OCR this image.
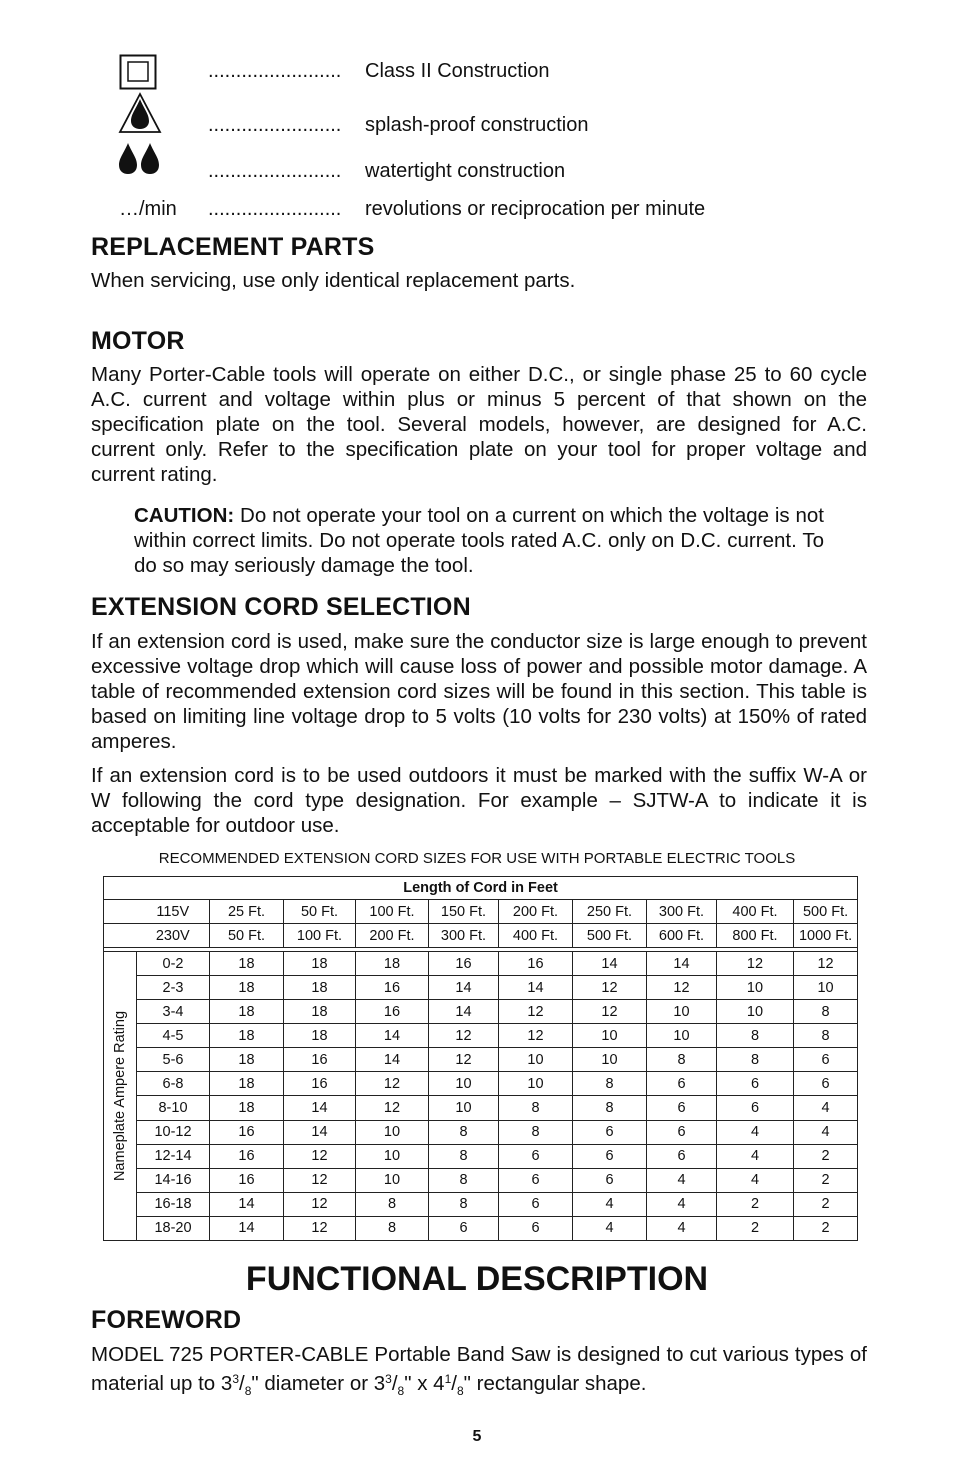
........................ Class II Construction
........................ splash-proof construction
........................ watertight construction
…/min ........................ revolutions or reciprocation per minute
REPLACEMENT PARTS

When servicing, use only identical replacement parts.

MOTOR

Many Porter-Cable tools will operate on either D.C., or single phase 25 to 60 cycle A.C. current and voltage within plus or minus 5 percent of that shown on the specification plate on the tool. Several models, however, are designed for A.C. current only. Refer to the specification plate on your tool for proper voltage and current rating.

CAUTION: Do not operate your tool on a current on which the voltage is not within correct limits. Do not operate tools rated A.C. only on D.C. current. To do so may seriously damage the tool.

EXTENSION CORD SELECTION

If an extension cord is used, make sure the conductor size is large enough to prevent excessive voltage drop which will cause loss of power and possible motor damage. A table of recommended extension cord sizes will be found in this section. This table is based on limiting line voltage drop to 5 volts (10 volts for 230 volts) at 150% of rated amperes.

If an extension cord is to be used outdoors it must be marked with the suffix W-A or W following the cord type designation. For example – SJTW-A to indicate it is acceptable for outdoor use.

RECOMMENDED EXTENSION CORD SIZES FOR USE WITH PORTABLE ELECTRIC TOOLS
Length of Cord in Feet										
	115V	25 Ft.	50 Ft.	100 Ft.	150 Ft.	200 Ft.	250 Ft.	300 Ft.	400 Ft.	500 Ft.
	230V	50 Ft.	100 Ft.	200 Ft.	300 Ft.	400 Ft.	500 Ft.	600 Ft.	800 Ft.	1000 Ft.

Nameplate Ampere Rating	0-2	18	18	18	16	16	14	14	12	12
	2-3	18	18	16	14	14	12	12	10	10
	3-4	18	18	16	14	12	12	10	10	8
	4-5	18	18	14	12	12	10	10	8	8
	5-6	18	16	14	12	10	10	8	8	6
	6-8	18	16	12	10	10	8	6	6	6
	8-10	18	14	12	10	8	8	6	6	4
	10-12	16	14	10	8	8	6	6	4	4
	12-14	16	12	10	8	6	6	6	4	2
	14-16	16	12	10	8	6	6	4	4	2
	16-18	14	12	8	8	6	4	4	2	2
	18-20	14	12	8	6	6	4	4	2	2
FUNCTIONAL DESCRIPTION
FOREWORD

MODEL 725 PORTER-CABLE Portable Band Saw is designed to cut various types of material up to $3^3/_8$" diameter or $3^3/_8$" x $4^1/_8$" rectangular shape.

5
